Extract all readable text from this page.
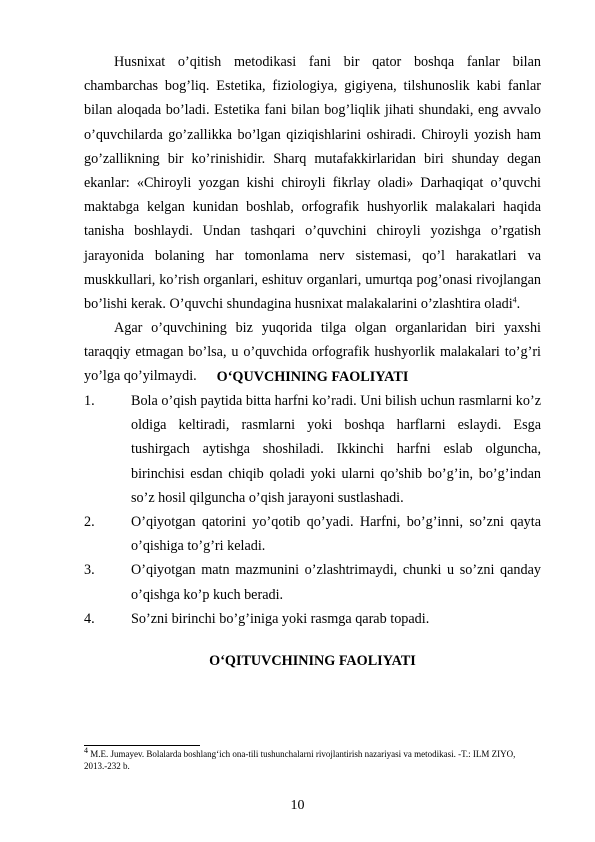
Husnixat o’qitish metodikasi fani bir qator boshqa fanlar bilan chambarchas bog’liq. Estetika, fiziologiya, gigiyena, tilshunoslik kabi fanlar bilan aloqada bo’ladi. Estetika fani bilan bog’liqlik jihati shundaki, eng avvalo o’quvchilarda go’zallikka bo’lgan qiziqishlarini oshiradi. Chiroyli yozish ham go’zallikning bir ko’rinishidir. Sharq mutafakkirlaridan biri shunday degan ekanlar: «Chiroyli yozgan kishi chiroyli fikrlay oladi» Darhaqiqat o’quvchi maktabga kelgan kunidan boshlab, orfografik hushyorlik malakalari haqida tanisha boshlaydi. Undan tashqari o’quvchini chiroyli yozishga o’rgatish jarayonida bolaning har tomonlama nerv sistemasi, qo’l harakatlari va muskkullari, ko’rish organlari, eshituv organlari, umurtqa pog’onasi rivojlangan bo’lishi kerak. O’quvchi shundagina husnixat malakalarini o’zlashtira oladi$^4$.

Agar o’quvchining biz yuqorida tilga olgan organlaridan biri yaxshi taraqqiy etmagan bo’lsa, u o’quvchida orfografik hushyorlik malakalari to’g’ri yo’lga qo’yilmaydi.	O‘QUVCHINING FAOLIYATI
1.	Bola o’qish paytida bitta harfni ko’radi. Uni bilish uchun rasmlarni ko’z oldiga keltiradi, rasmlarni yoki boshqa harflarni eslaydi. Esga tushirgach aytishga shoshiladi. Ikkinchi harfni eslab olguncha, birinchisi esdan chiqib qoladi yoki ularni qo’shib bo’g’in, bo’g’indan so’z hosil qilguncha o’qish jarayoni sustlashadi.
2.	O’qiyotgan qatorini yo’qotib qo’yadi. Harfni, bo’g’inni, so’zni qayta o’qishiga to’g’ri keladi.
3.	O’qiyotgan matn mazmunini o’zlashtrimaydi, chunki u so’zni qanday o’qishga ko’p kuch beradi.
4.	So’zni birinchi bo’g’iniga yoki rasmga qarab topadi.
O‘QITUVCHINING FAOLIYATI

$^4$ M.E. Jumayev. Bolalarda boshlang‘ich ona-tili tushunchalarni rivojlantirish nazariyasi va metodikasi. -T.: ILM ZIYO, 2013.-232 b.

10
